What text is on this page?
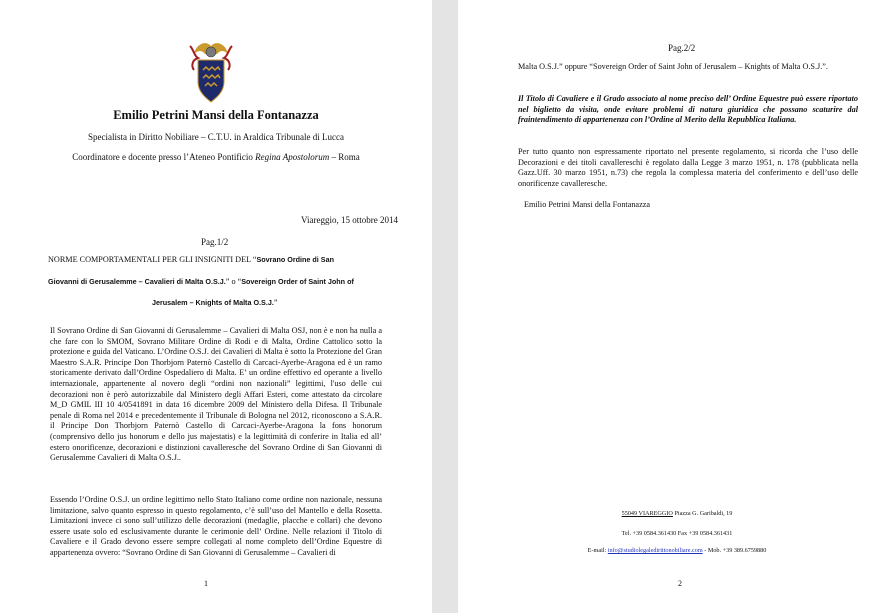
Emilio Petrini Mansi della Fontanazza
Specialista in Diritto Nobiliare – C.T.U. in Araldica Tribunale di Lucca
Coordinatore e docente presso l’Ateneo Pontificio Regina Apostolorum – Roma
Viareggio, 15 ottobre 2014
Pag.1/2
NORME COMPORTAMENTALI PER GLI INSIGNITI DEL “Sovrano Ordine di San
Giovanni di Gerusalemme – Cavalieri di Malta O.S.J.” o “Sovereign Order of Saint John of
Jerusalem – Knights of Malta O.S.J.”

Il Sovrano Ordine di San Giovanni di Gerusalemme – Cavalieri di Malta OSJ, non è e non ha nulla a che fare con lo SMOM, Sovrano Militare Ordine di Rodi e di Malta, Ordine Cattolico sotto la protezione e guida del Vaticano. L’Ordine O.S.J. dei Cavalieri di Malta è sotto la Protezione del Gran Maestro S.A.R. Principe Don Thorbjorn Paternò Castello di Carcaci-Ayerbe-Aragona ed è un ramo storicamente derivato dall’Ordine Ospedaliero di Malta. E’ un ordine effettivo ed operante a livello internazionale, appartenente al novero degli “ordini non nazionali” legittimi, l'uso delle cui decorazioni non è però autorizzabile dal Ministero degli Affari Esteri, come attestato da circolare M_D GMIL III 10 4/0541891 in data 16 dicembre 2009 del Ministero della Difesa. Il Tribunale penale di Roma nel 2014 e precedentemente il Tribunale di Bologna nel 2012, riconoscono a S.A.R. il Principe Don Thorbjorn Paternò Castello di Carcaci-Ayerbe-Aragona la fons honorum (comprensivo dello jus honorum e dello jus majestatis) e la legittimità di conferire in Italia ed all’ estero onorificenze, decorazioni e distinzioni cavalleresche del Sovrano Ordine di San Giovanni di Gerusalemme Cavalieri di Malta O.S.J..

Essendo l’Ordine O.S.J. un ordine legittimo nello Stato Italiano come ordine non nazionale, nessuna limitazione, salvo quanto espresso in questo regolamento, c’è sull’uso del Mantello e della Rosetta. Limitazioni invece ci sono sull’utilizzo delle decorazioni (medaglie, placche e collari) che devono essere usate solo ed esclusivamente durante le cerimonie dell’ Ordine. Nelle relazioni il Titolo di Cavaliere e il Grado devono essere sempre collegati al nome completo dell’Ordine Equestre di appartenenza ovvero: “Sovrano Ordine di San Giovanni di Gerusalemme – Cavalieri di

1
Pag.2/2

Malta O.S.J.” oppure “Sovereign Order of Saint John of Jerusalem – Knights of Malta O.S.J.”.

Il Titolo di Cavaliere e il Grado associato al nome preciso dell’ Ordine Equestre può essere riportato nel biglietto da visita, onde evitare problemi di natura giuridica che possano scaturire dal fraintendimento di appartenenza con l’Ordine al Merito della Repubblica Italiana.

Per tutto quanto non espressamente riportato nel presente regolamento, si ricorda che l’uso delle Decorazioni e dei titoli cavallereschi è regolato dalla Legge 3 marzo 1951, n. 178 (pubblicata nella Gazz.Uff. 30 marzo 1951, n.73) che regola la complessa materia del conferimento e dell’uso delle onorificenze cavalleresche.

Emilio Petrini Mansi della Fontanazza
55049 VIAREGGIO Piazza G. Garibaldi, 19
Tel. +39 0584.361430 Fax +39 0584.361431
E-mail: info@studiolegaledirittonobiliare.com - Mob. +39 389.6759880
2
